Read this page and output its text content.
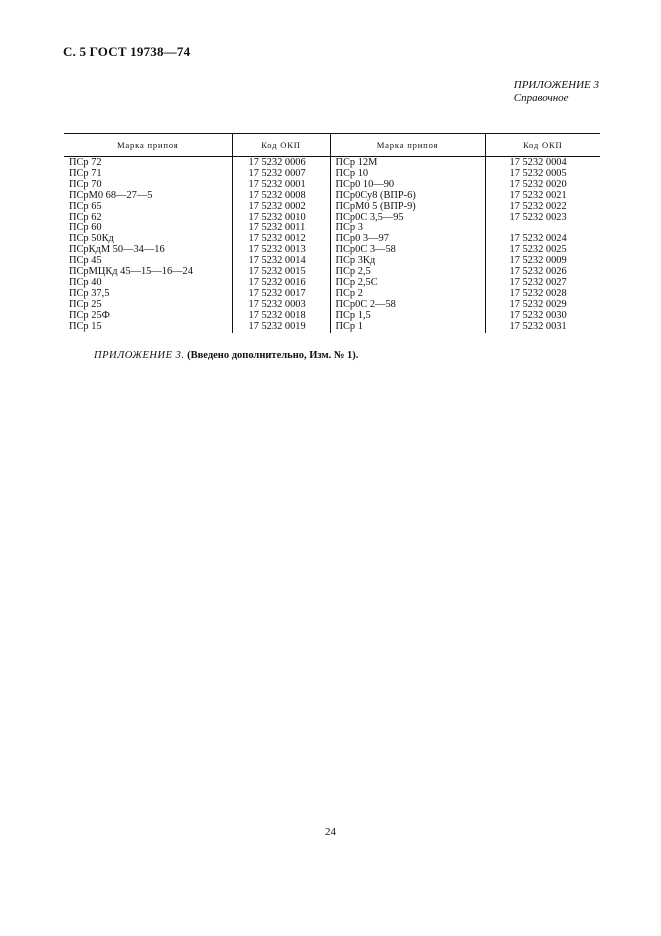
С. 5 ГОСТ 19738—74
ПРИЛОЖЕНИЕ 3
Справочное
Марка припоя	Код ОКП	Марка припоя	Код ОКП
ПСр 72	17 5232 0006	ПСр 12М	17 5232 0004
ПСр 71	17 5232 0007	ПСр 10	17 5232 0005
ПСр 70	17 5232 0001	ПСр0 10—90	17 5232 0020
ПСрМ0 68—27—5	17 5232 0008	ПСр0Су8 (ВПР-6)	17 5232 0021
ПСр 65	17 5232 0002	ПСрМ0 5 (ВПР-9)	17 5232 0022
ПСр 62	17 5232 0010	ПСр0С 3,5—95	17 5232 0023
ПСр 60	17 5232 0011	ПСр 3	
ПСр 50Кд	17 5232 0012	ПСр0 3—97	17 5232 0024
ПСрКдМ 50—34—16	17 5232 0013	ПСр0С 3—58	17 5232 0025
ПСр 45	17 5232 0014	ПСр 3Кд	17 5232 0009
ПСрМЦКд 45—15—16—24	17 5232 0015	ПСр 2,5	17 5232 0026
ПСр 40	17 5232 0016	ПСр 2,5С	17 5232 0027
ПСр 37,5	17 5232 0017	ПСр 2	17 5232 0028
ПСр 25	17 5232 0003	ПСр0С 2—58	17 5232 0029
ПСр 25Ф	17 5232 0018	ПСр 1,5	17 5232 0030
ПСр 15	17 5232 0019	ПСр 1	17 5232 0031
ПРИЛОЖЕНИЕ 3. (Введено дополнительно, Изм. № 1).
24
